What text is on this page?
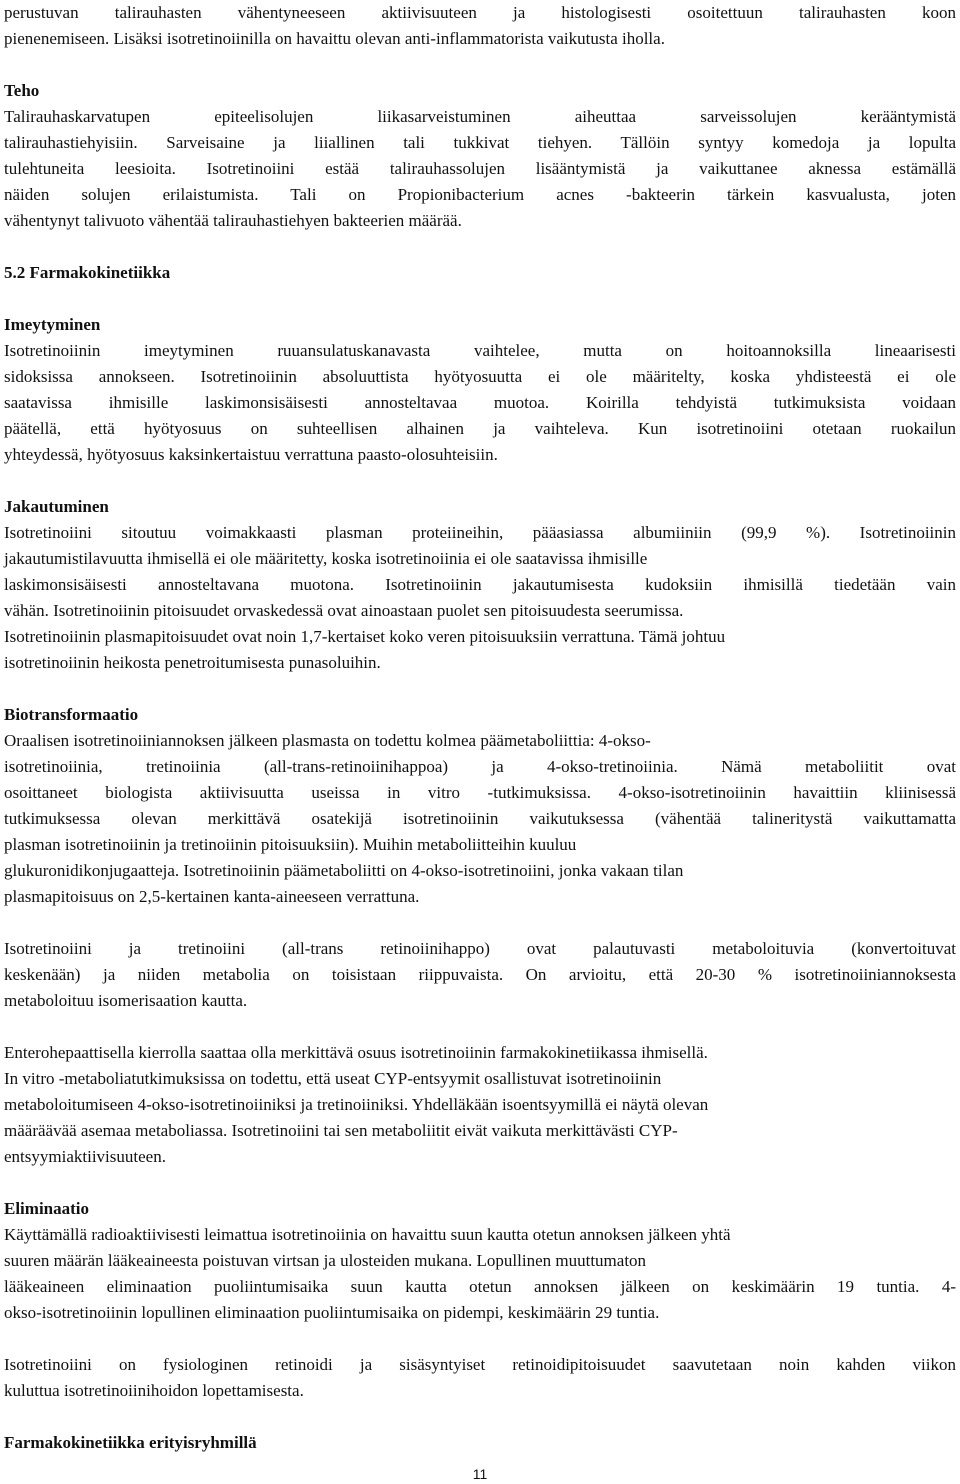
perustuvan talirauhasten vähentyneeseen aktiivisuuteen ja histologisesti osoitettuun talirauhasten koon
pienenemiseen. Lisäksi isotretinoiinilla on havaittu olevan anti-inflammatorista vaikutusta iholla.
Teho
Talirauhaskarvatupen epiteelisolujen liikasarveistuminen aiheuttaa sarveissolujen kerääntymistä
talirauhastiehyisiin. Sarveisaine ja liiallinen tali tukkivat tiehyen. Tällöin syntyy komedoja ja lopulta
tulehtuneita leesioita. Isotretinoiini estää talirauhassolujen lisääntymistä ja vaikuttanee aknessa estämällä
näiden solujen erilaistumista. Tali on Propionibacterium acnes -bakteerin tärkein kasvualusta, joten
vähentynyt talivuoto vähentää talirauhastiehyen bakteerien määrää.
5.2 Farmakokinetiikka
Imeytyminen
Isotretinoiinin imeytyminen ruuansulatuskanavasta vaihtelee, mutta on hoitoannoksilla lineaarisesti
sidoksissa annokseen. Isotretinoiinin absoluuttista hyötyosuutta ei ole määritelty, koska yhdisteestä ei ole
saatavissa ihmisille laskimonsisäisesti annosteltavaa muotoa. Koirilla tehdyistä tutkimuksista voidaan
päätellä, että hyötyosuus on suhteellisen alhainen ja vaihteleva. Kun isotretinoiini otetaan ruokailun
yhteydessä, hyötyosuus kaksinkertaistuu verrattuna paasto-olosuhteisiin.
Jakautuminen
Isotretinoiini sitoutuu voimakkaasti plasman proteiineihin, pääasiassa albumiiniin (99,9 %). Isotretinoiinin
jakautumistilavuutta ihmisellä ei ole määritetty, koska isotretinoiinia ei ole saatavissa ihmisille
laskimonsisäisesti annosteltavana muotona. Isotretinoiinin jakautumisesta kudoksiin ihmisillä tiedetään vain
vähän. Isotretinoiinin pitoisuudet orvaskedessä ovat ainoastaan puolet sen pitoisuudesta seerumissa.
Isotretinoiinin plasmapitoisuudet ovat noin 1,7-kertaiset koko veren pitoisuuksiin verrattuna. Tämä johtuu
isotretinoiinin heikosta penetroitumisesta punasoluihin.
Biotransformaatio
Oraalisen isotretinoiiniannoksen jälkeen plasmasta on todettu kolmea päämetaboliittia: 4-okso-
isotretinoiinia, tretinoiinia (all-trans-retinoiinihappoa) ja 4-okso-tretinoiinia. Nämä metaboliitit ovat
osoittaneet biologista aktiivisuutta useissa in vitro -tutkimuksissa. 4-okso-isotretinoiinin havaittiin kliinisessä
tutkimuksessa olevan merkittävä osatekijä isotretinoiinin vaikutuksessa (vähentää talineritystä vaikuttamatta
plasman isotretinoiinin ja tretinoiinin pitoisuuksiin). Muihin metaboliitteihin kuuluu
glukuronidikonjugaatteja. Isotretinoiinin päämetaboliitti on 4-okso-isotretinoiini, jonka vakaan tilan
plasmapitoisuus on 2,5-kertainen kanta-aineeseen verrattuna.
Isotretinoiini ja tretinoiini (all-trans retinoiinihappo) ovat palautuvasti metaboloituvia (konvertoituvat
keskenään) ja niiden metabolia on toisistaan riippuvaista. On arvioitu, että 20-30 % isotretinoiiniannoksesta
metaboloituu isomerisaation kautta.
Enterohepaattisella kierrolla saattaa olla merkittävä osuus isotretinoiinin farmakokinetiikassa ihmisellä.
In vitro -metaboliatutkimuksissa on todettu, että useat CYP-entsyymit osallistuvat isotretinoiinin
metaboloitumiseen 4-okso-isotretinoiiniksi ja tretinoiiniksi. Yhdelläkään isoentsyymillä ei näytä olevan
määräävää asemaa metaboliassa. Isotretinoiini tai sen metaboliitit eivät vaikuta merkittävästi CYP-
entsyymiaktiivisuuteen.
Eliminaatio
Käyttämällä radioaktiivisesti leimattua isotretinoiinia on havaittu suun kautta otetun annoksen jälkeen yhtä
suuren määrän lääkeaineesta poistuvan virtsan ja ulosteiden mukana. Lopullinen muuttumaton
lääkeaineen eliminaation puoliintumisaika suun kautta otetun annoksen jälkeen on keskimäärin 19 tuntia. 4-
okso-isotretinoiinin lopullinen eliminaation puoliintumisaika on pidempi, keskimäärin 29 tuntia.
Isotretinoiini on fysiologinen retinoidi ja sisäsyntyiset retinoidipitoisuudet saavutetaan noin kahden viikon
kuluttua isotretinoiinihoidon lopettamisesta.
Farmakokinetiikka erityisryhmillä
11
